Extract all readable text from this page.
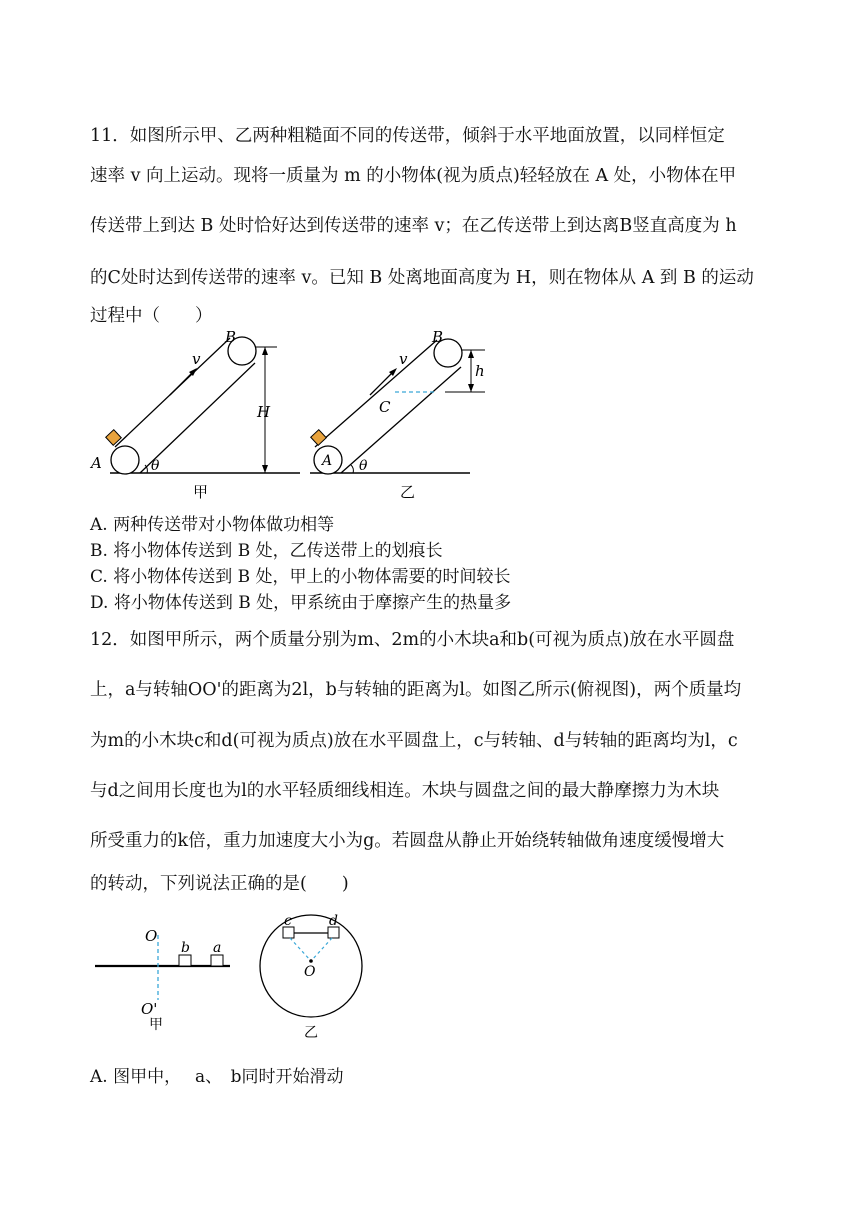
11．如图所示甲、乙两种粗糙面不同的传送带，倾斜于水平地面放置，以同样恒定
速率 v 向上运动。现将一质量为 m 的小物体(视为质点)轻轻放在 A 处，小物体在甲
传送带上到达 B 处时恰好达到传送带的速率 v；在乙传送带上到达离B竖直高度为 h
的C处时达到传送带的速率 v。已知 B 处离地面高度为 H，则在物体从 A 到 B 的运动
过程中（　　）
v
B
A	θ
H
甲
v
B
C
A θ
h
乙
A. 两种传送带对小物体做功相等
B. 将小物体传送到 B 处，乙传送带上的划痕长
C. 将小物体传送到 B 处，甲上的小物体需要的时间较长
D. 将小物体传送到 B 处，甲系统由于摩擦产生的热量多
12．如图甲所示，两个质量分别为m、2m的小木块a和b(可视为质点)放在水平圆盘
上，a与转轴OO'的距离为2l，b与转轴的距离为l。如图乙所示(俯视图)，两个质量均
为m的小木块c和d(可视为质点)放在水平圆盘上，c与转轴、d与转轴的距离均为l，c
与d之间用长度也为l的水平轻质细线相连。木块与圆盘之间的最大静摩擦力为木块
所受重力的k倍，重力加速度大小为g。若圆盘从静止开始绕转轴做角速度缓慢增大
的转动，下列说法正确的是(　　)
O
b a
O'
甲
c	d
O
乙
A. 图甲中，　 a、　b同时开始滑动
